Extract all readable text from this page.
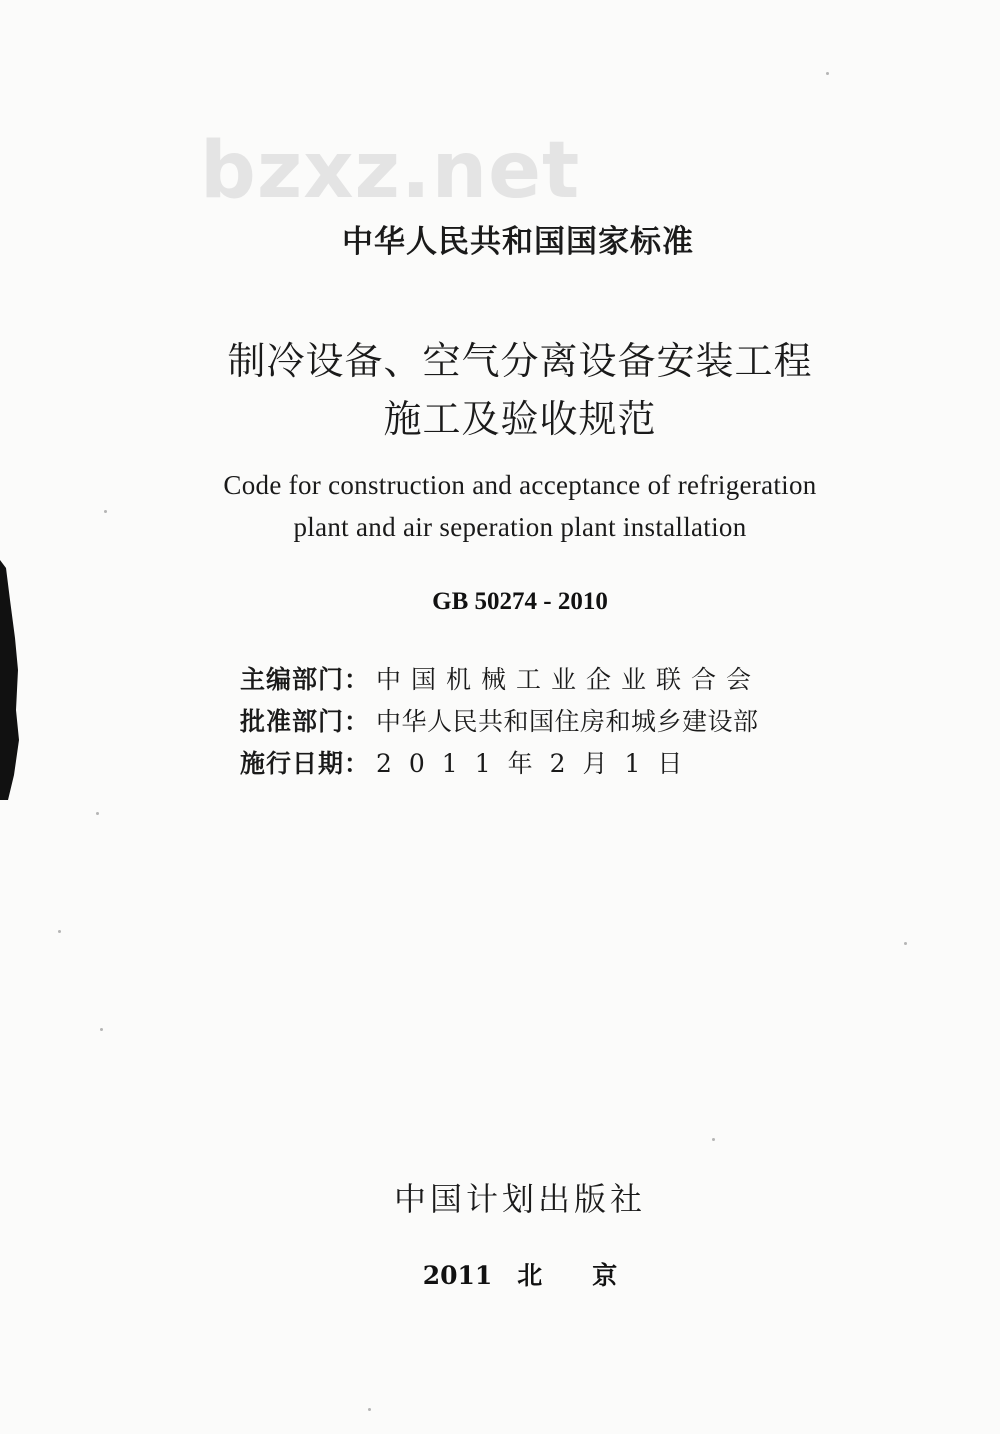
bzxz.net
中华人民共和国国家标准
制冷设备、空气分离设备安装工程
施工及验收规范
Code for construction and acceptance of refrigeration
plant and air seperation plant installation
GB 50274 - 2010
主编部门： 中国机械工业企业联合会
批准部门： 中华人民共和国住房和城乡建设部
施行日期： 2011年2月1日
中国计划出版社
2011　北　　京
